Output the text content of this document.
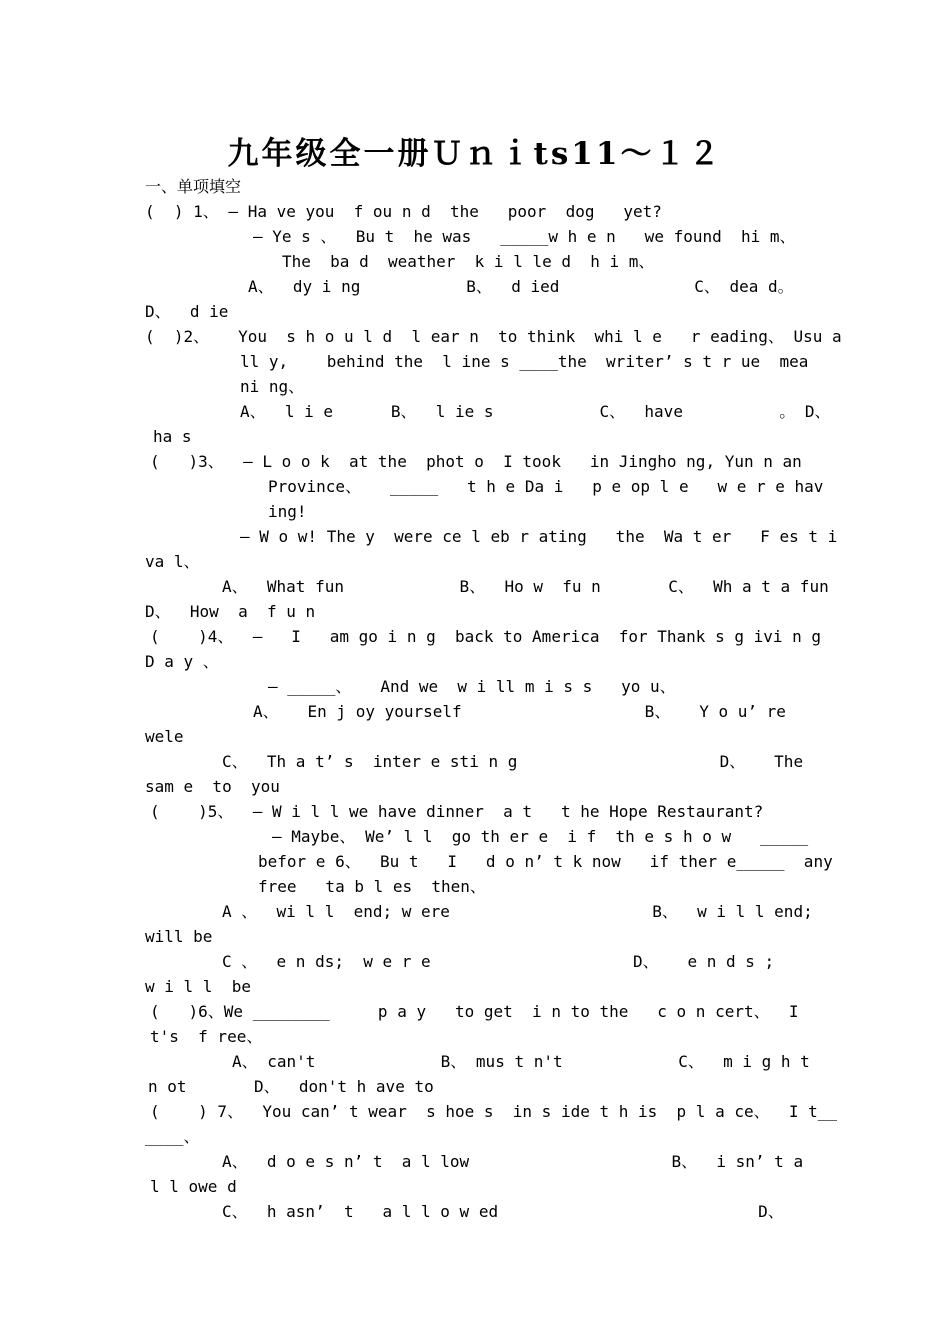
九年级全一册Ｕｎｉts11～１２
一、单项填空
(  ) 1、 — Ha ve you  f ou n d  the   poor  dog   yet?
— Ye s 、  Bu t  he was   _____w h e n   we found  hi m、
The  ba d  weather  k i l le d  h i m、
A、  dy i ng           B、  d ied              C、 dea d。
D、  d ie
(  )2、   You  s h o u l d  l ear n  to think  whi l e   r eading、 Usu a
ll y,    behind the  l ine s ____the  writer’ s t r ue  mea
ni ng、
A、  l i e      B、  l ie s           C、  have          。 D、
ha s
(   )3、  — L o o k  at the  phot o  I took   in Jingho ng, Yun n an
Province、   _____   t h e Da i   p e op l e   w e r e hav
ing!
— W o w! The y  were ce l eb r ating   the  Wa t er   F es t i
va l、
A、  What fun            B、  Ho w  fu n       C、  Wh a t a fun
D、  How  a  f u n
(    )4、  —   I   am go i n g  back to America  for Thank s g ivi n g
D a y 、
— _____、   And we  w i ll m i s s   yo u、
A、   En j oy yourself                   B、   Y o u’ re
wele
C、  Th a t’ s  inter e sti n g                     D、   The
sam e  to  you
(    )5、  — W i l l we have dinner  a t   t he Hope Restaurant?
— Maybe、 We’ l l  go th er e  i f  th e s h o w   _____
befor e 6、  Bu t   I   d o n’ t k now   if ther e_____  any
free   ta b l es  then、
A 、  wi l l  end; w ere                     B、  w i l l end;
will be
C 、  e n ds;  w e r e                     D、   e n d s ;
w i l l  be
(   )6、We ________     p a y   to get  i n to the   c o n cert、  I
t's  f ree、
A、 can't             B、 mus t n't            C、  m i g h t
n ot       D、  don't h ave to
(    ) 7、  You can’ t wear  s hoe s  in s ide t h is  p l a ce、  I t__
____、
A、  d o e s n’ t  a l low                     B、  i sn’ t a
l l owe d
C、  h asn’  t   a l l o w ed                           D、
